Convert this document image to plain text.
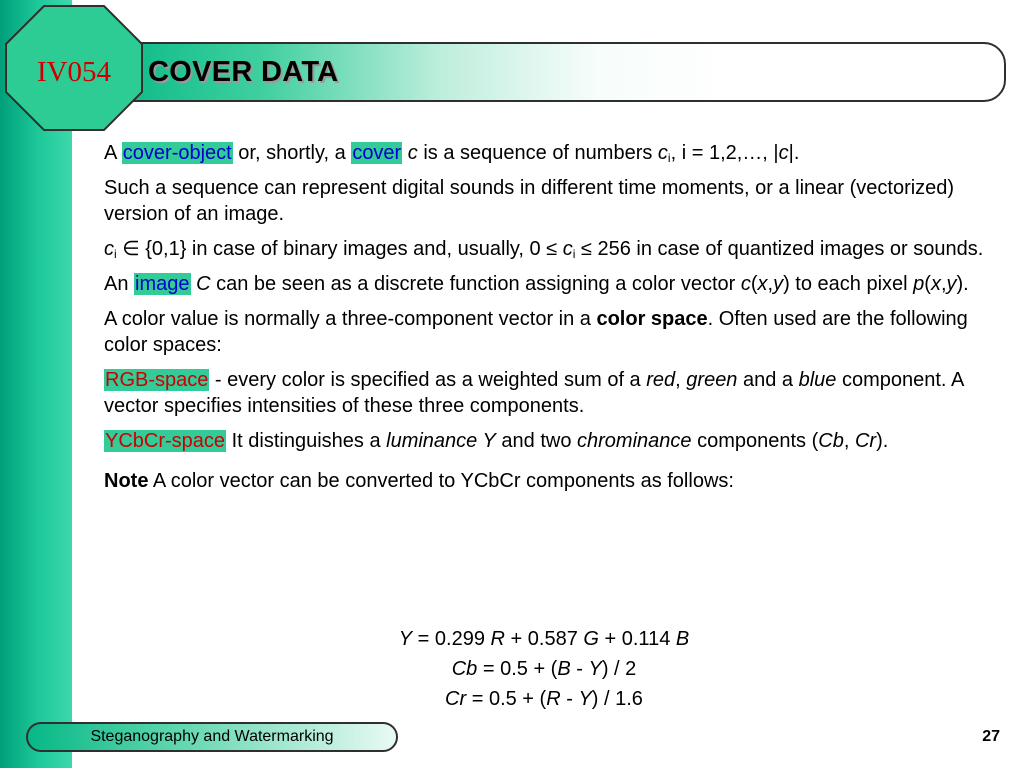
IV054	COVER DATA

A cover-object or, shortly, a cover c is a sequence of numbers $c_i$, i = 1,2,…, |c|.

Such a sequence can represent digital sounds in different time moments, or a linear (vectorized) version of an image.

$c_i$ ∈ {0,1} in case of binary images and, usually, $0 \le c_i \le 256$ in case of quantized images or sounds.

An image C can be seen as a discrete function assigning a color vector c(x,y) to each pixel p(x,y).

A color value is normally a three-component vector in a color space. Often used are the following color spaces:

RGB-space - every color is specified as a weighted sum of a red, green and a blue component. A vector specifies intensities of these three components.

YCbCr-space It distinguishes a luminance Y and two chrominance components (Cb, Cr).

Note A color vector can be converted to YCbCr components as follows:

Y = 0.299 R + 0.587 G + 0.114 B
Cb = 0.5 + (B - Y) / 2
Cr = 0.5 + (R - Y) / 1.6
Steganography and Watermarking	27
